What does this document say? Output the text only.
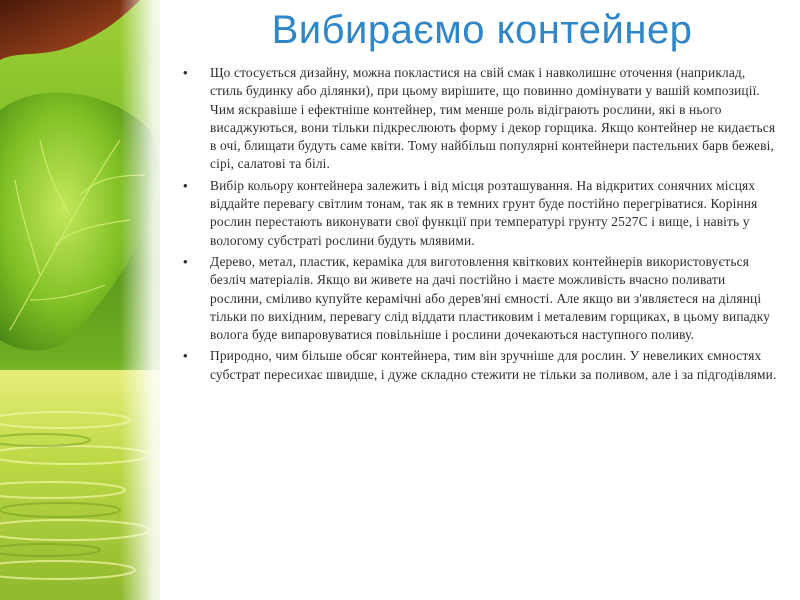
Вибираємо контейнер
• Що стосується дизайну, можна покластися на свій смак і навколишнє оточення (наприклад, стиль будинку або ділянки), при цьому вирішите, що повинно домінувати у вашій композиції. Чим яскравіше і ефектніше контейнер, тим менше роль відіграють рослини, які в нього висаджуються, вони тільки підкреслюють форму і декор горщика. Якщо контейнер не кидається в очі, блищати будуть саме квіти. Тому найбільш популярні контейнери пастельних барв бежеві, сірі, салатові та білі.
• Вибір кольору контейнера залежить і від місця розташування. На відкритих сонячних місцях віддайте перевагу світлим тонам, так як в темних грунт буде постійно перегріватися. Коріння рослин перестають виконувати свої функції при температурі грунту 2527С і вище, і навіть у вологому субстраті рослини будуть млявими.
• Дерево, метал, пластик, кераміка для виготовлення квіткових контейнерів використовується безліч матеріалів. Якщо ви живете на дачі постійно і маєте можливість вчасно поливати рослини, сміливо купуйте керамічні або дерев'яні ємності. Але якщо ви з'являєтеся на ділянці тільки по вихідним, перевагу слід віддати пластиковим і металевим горщиках, в цьому випадку волога буде випаровуватися повільніше і рослини дочекаються наступного поливу.
• Природно, чим більше обсяг контейнера, тим він зручніше для рослин. У невеликих ємностях субстрат пересихає швидше, і дуже складно стежити не тільки за поливом, але і за підгодівлями.
